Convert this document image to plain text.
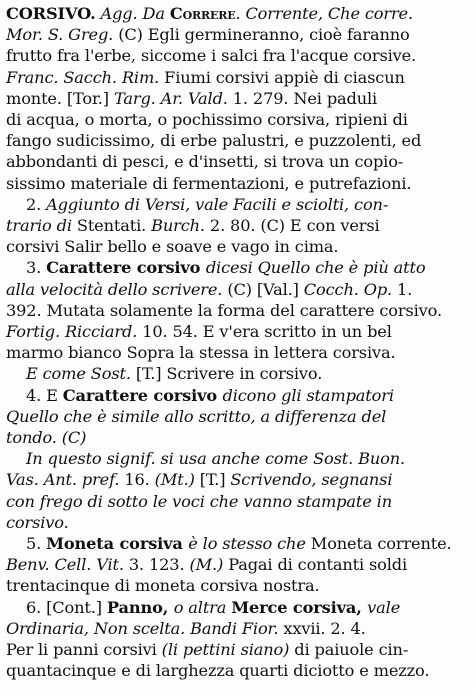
CORSIVO. Agg. Da Correre. Corrente, Che corre.
Mor. S. Greg. (C) Egli germineranno, cioè faranno
frutto fra l'erbe, siccome i salci fra l'acque corsive.
Franc. Sacch. Rim. Fiumi corsivi appiè di ciascun
monte. [Tor.] Targ. Ar. Vald. 1. 279. Nei paduli
di acqua, o morta, o pochissimo corsiva, ripieni di
fango sudicissimo, di erbe palustri, e puzzolenti, ed
abbondanti di pesci, e d'insetti, si trova un copio-
sissimo materiale di fermentazioni, e putrefazioni.
2. Aggiunto di Versi, vale Facili e sciolti, con-
trario di Stentati. Burch. 2. 80. (C) E con versi
corsivi Salir bello e soave e vago in cima.
3. Carattere corsivo dicesi Quello che è più atto
alla velocità dello scrivere. (C) [Val.] Cocch. Op. 1.
392. Mutata solamente la forma del carattere corsivo.
Fortig. Ricciard. 10. 54. E v'era scritto in un bel
marmo bianco Sopra la stessa in lettera corsiva.
E come Sost. [T.] Scrivere in corsivo.
4. E Carattere corsivo dicono gli stampatori
Quello che è simile allo scritto, a differenza del
tondo. (C)
In questo signif. si usa anche come Sost. Buon.
Vas. Ant. pref. 16. (Mt.) [T.] Scrivendo, segnansi
con frego di sotto le voci che vanno stampate in
corsivo.
5. Moneta corsiva è lo stesso che Moneta corrente.
Benv. Cell. Vit. 3. 123. (M.) Pagai di contanti soldi
trentacinque di moneta corsiva nostra.
6. [Cont.] Panno, o altra Merce corsiva, vale
Ordinaria, Non scelta. Bandi Fior. xxvii. 2. 4.
Per li panni corsivi (li pettini siano) di paiuole cin-
quantacinque e di larghezza quarti diciotto e mezzo.
